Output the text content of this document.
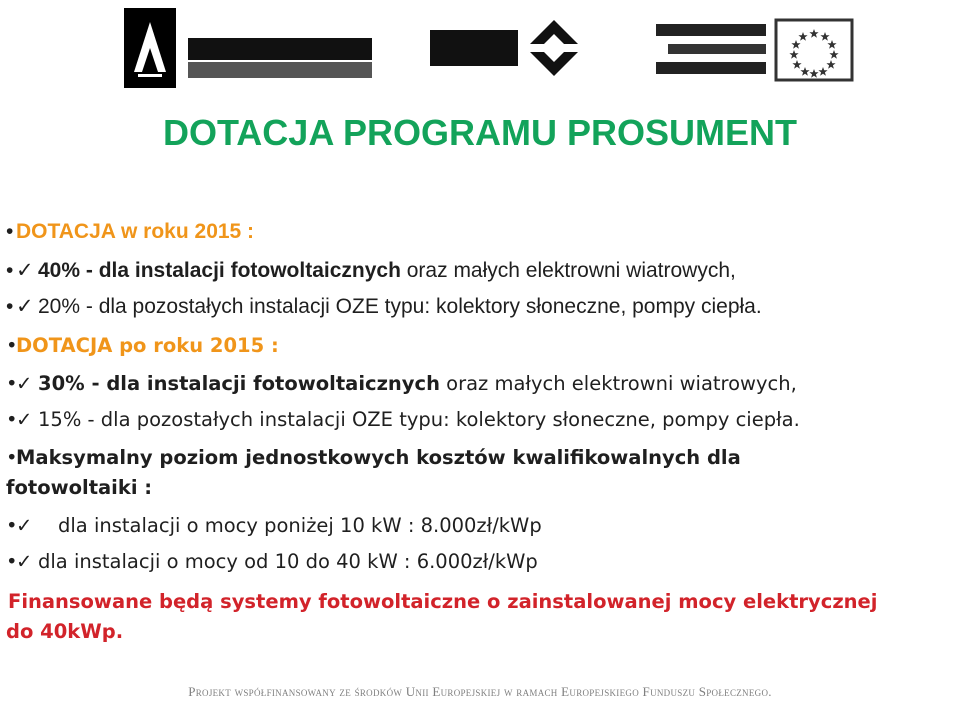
DOTACJA PROGRAMU PROSUMENT
• DOTACJA w roku 2015 :
• ✓ 40% - dla instalacji fotowoltaicznych oraz małych elektrowni wiatrowych,
• ✓ 20% - dla pozostałych instalacji OZE typu: kolektory słoneczne, pompy ciepła.
•DOTACJA po roku 2015 :
•✓ 30% - dla instalacji fotowoltaicznych oraz małych elektrowni wiatrowych,
•✓ 15% - dla pozostałych instalacji OZE typu: kolektory słoneczne, pompy ciepła.
•Maksymalny poziom jednostkowych kosztów kwalifikowalnych dla
fotowoltaiki :
•✓ dla instalacji o mocy poniżej 10 kW : 8.000zł/kWp
•✓ dla instalacji o mocy od 10 do 40 kW : 6.000zł/kWp
Finansowane będą systemy fotowoltaiczne o zainstalowanej mocy elektrycznej
do 40kWp.
Projekt współfinansowany ze środków Unii Europejskiej w ramach Europejskiego Funduszu Społecznego.
